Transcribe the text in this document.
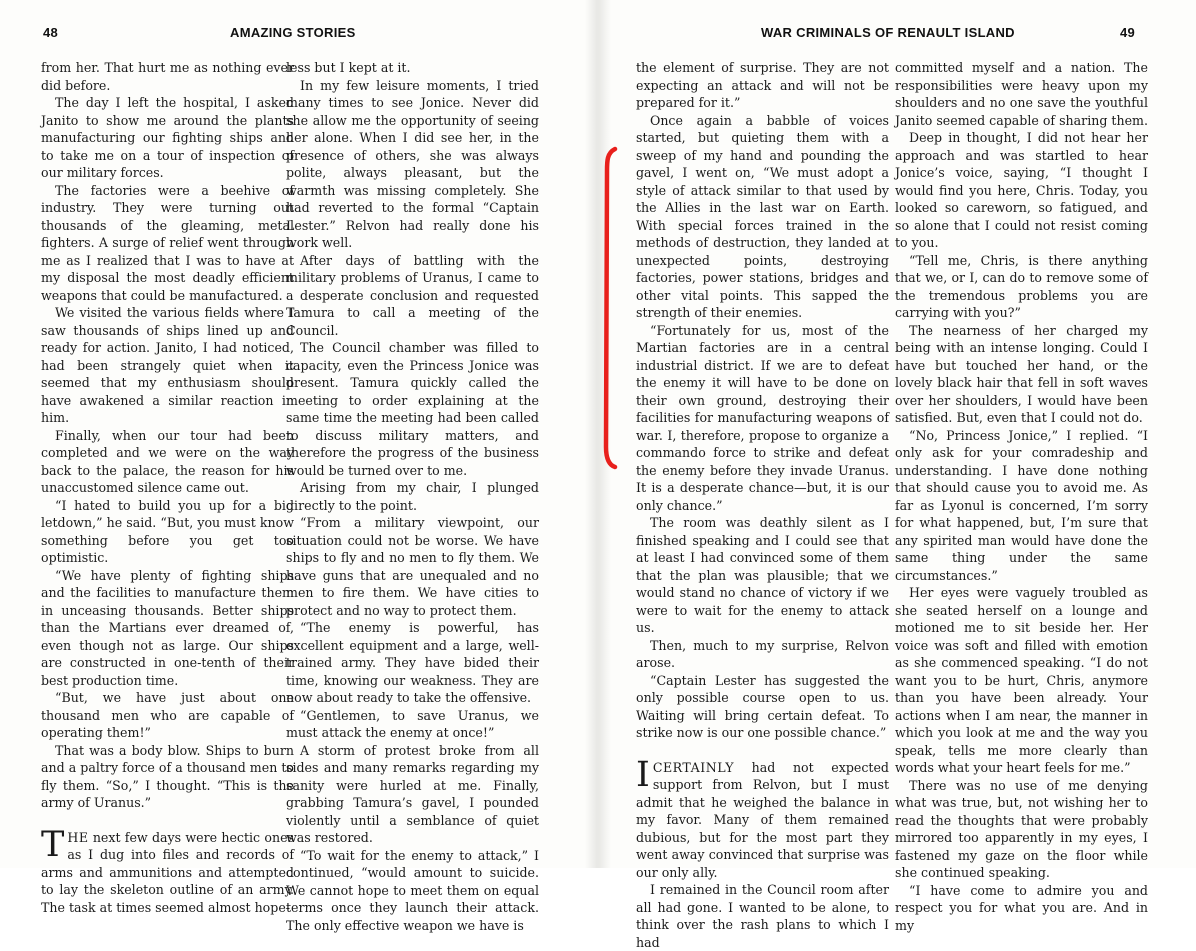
48	AMAZING STORIES

from her. That hurt me as nothing ever did before.

The day I left the hospital, I asked Janito to show me around the plants manufacturing our fighting ships and to take me on a tour of inspection of our military forces.

The factories were a beehive of industry. They were turning out thousands of the gleaming, metal fighters. A surge of relief went through me as I realized that I was to have at my disposal the most deadly efficient weapons that could be manufactured.

We visited the various fields where I saw thousands of ships lined up and ready for action. Janito, I had noticed, had been strangely quiet when it seemed that my enthusiasm should have awakened a similar reaction in him.

Finally, when our tour had been completed and we were on the way back to the palace, the reason for his unaccustomed silence came out.

“I hated to build you up for a big letdown,” he said. “But, you must know something before you get too optimistic.

“We have plenty of fighting ships and the facilities to manufacture them in unceasing thousands. Better ships than the Martians ever dreamed of, even though not as large. Our ships are constructed in one-tenth of their best production time.

“But, we have just about one thousand men who are capable of operating them!”

That was a body blow. Ships to burn and a paltry force of a thousand men to fly them. “So,” I thought. “This is the army of Uranus.”

THE next few days were hectic ones as I dug into files and records of arms and ammunitions and attempted to lay the skeleton outline of an army. The task at times seemed almost hope-

less but I kept at it.

In my few leisure moments, I tried many times to see Jonice. Never did she allow me the opportunity of seeing her alone. When I did see her, in the presence of others, she was always polite, always pleasant, but the warmth was missing completely. She had reverted to the formal “Captain Lester.” Relvon had really done his work well.

After days of battling with the military problems of Uranus, I came to a desperate conclusion and requested Tamura to call a meeting of the Council.

The Council chamber was filled to capacity, even the Princess Jonice was present. Tamura quickly called the meeting to order explaining at the same time the meeting had been called to discuss military matters, and therefore the progress of the business would be turned over to me.

Arising from my chair, I plunged directly to the point.

“From a military viewpoint, our situation could not be worse. We have ships to fly and no men to fly them. We have guns that are unequaled and no men to fire them. We have cities to protect and no way to protect them.

“The enemy is powerful, has excellent equipment and a large, well-trained army. They have bided their time, knowing our weakness. They are now about ready to take the offensive.

“Gentlemen, to save Uranus, we must attack the enemy at once!”

A storm of protest broke from all sides and many remarks regarding my sanity were hurled at me. Finally, grabbing Tamura’s gavel, I pounded violently until a semblance of quiet was restored.

“To wait for the enemy to attack,” I continued, “would amount to suicide. We cannot hope to meet them on equal terms once they launch their attack. The only effective weapon we have is

WAR CRIMINALS OF RENAULT ISLAND	49

the element of surprise. They are not expecting an attack and will not be prepared for it.”

Once again a babble of voices started, but quieting them with a sweep of my hand and pounding the gavel, I went on, “We must adopt a style of attack similar to that used by the Allies in the last war on Earth. With special forces trained in the methods of destruction, they landed at unexpected points, destroying factories, power stations, bridges and other vital points. This sapped the strength of their enemies.

“Fortunately for us, most of the Martian factories are in a central industrial district. If we are to defeat the enemy it will have to be done on their own ground, destroying their facilities for manufacturing weapons of war. I, therefore, propose to organize a commando force to strike and defeat the enemy before they invade Uranus. It is a desperate chance—but, it is our only chance.”

The room was deathly silent as I finished speaking and I could see that at least I had convinced some of them that the plan was plausible; that we would stand no chance of victory if we were to wait for the enemy to attack us.

Then, much to my surprise, Relvon arose.

“Captain Lester has suggested the only possible course open to us. Waiting will bring certain defeat. To strike now is our one possible chance.”

ICERTAINLY had not expected support from Relvon, but I must admit that he weighed the balance in my favor. Many of them remained dubious, but for the most part they went away convinced that surprise was our only ally.

I remained in the Council room after all had gone. I wanted to be alone, to think over the rash plans to which I had

committed myself and a nation. The responsibilities were heavy upon my shoulders and no one save the youthful Janito seemed capable of sharing them.

Deep in thought, I did not hear her approach and was startled to hear Jonice’s voice, saying, “I thought I would find you here, Chris. Today, you looked so careworn, so fatigued, and so alone that I could not resist coming to you.

“Tell me, Chris, is there anything that we, or I, can do to remove some of the tremendous problems you are carrying with you?”

The nearness of her charged my being with an intense longing. Could I have but touched her hand, or the lovely black hair that fell in soft waves over her shoulders, I would have been satisfied. But, even that I could not do.

“No, Princess Jonice,” I replied. “I only ask for your comradeship and understanding. I have done nothing that should cause you to avoid me. As far as Lyonul is concerned, I’m sorry for what happened, but, I’m sure that any spirited man would have done the same thing under the same circumstances.”

Her eyes were vaguely troubled as she seated herself on a lounge and motioned me to sit beside her. Her voice was soft and filled with emotion as she commenced speaking. “I do not want you to be hurt, Chris, anymore than you have been already. Your actions when I am near, the manner in which you look at me and the way you speak, tells me more clearly than words what your heart feels for me.”

There was no use of me denying what was true, but, not wishing her to read the thoughts that were probably mirrored too apparently in my eyes, I fastened my gaze on the floor while she continued speaking.

“I have come to admire you and respect you for what you are. And in my
